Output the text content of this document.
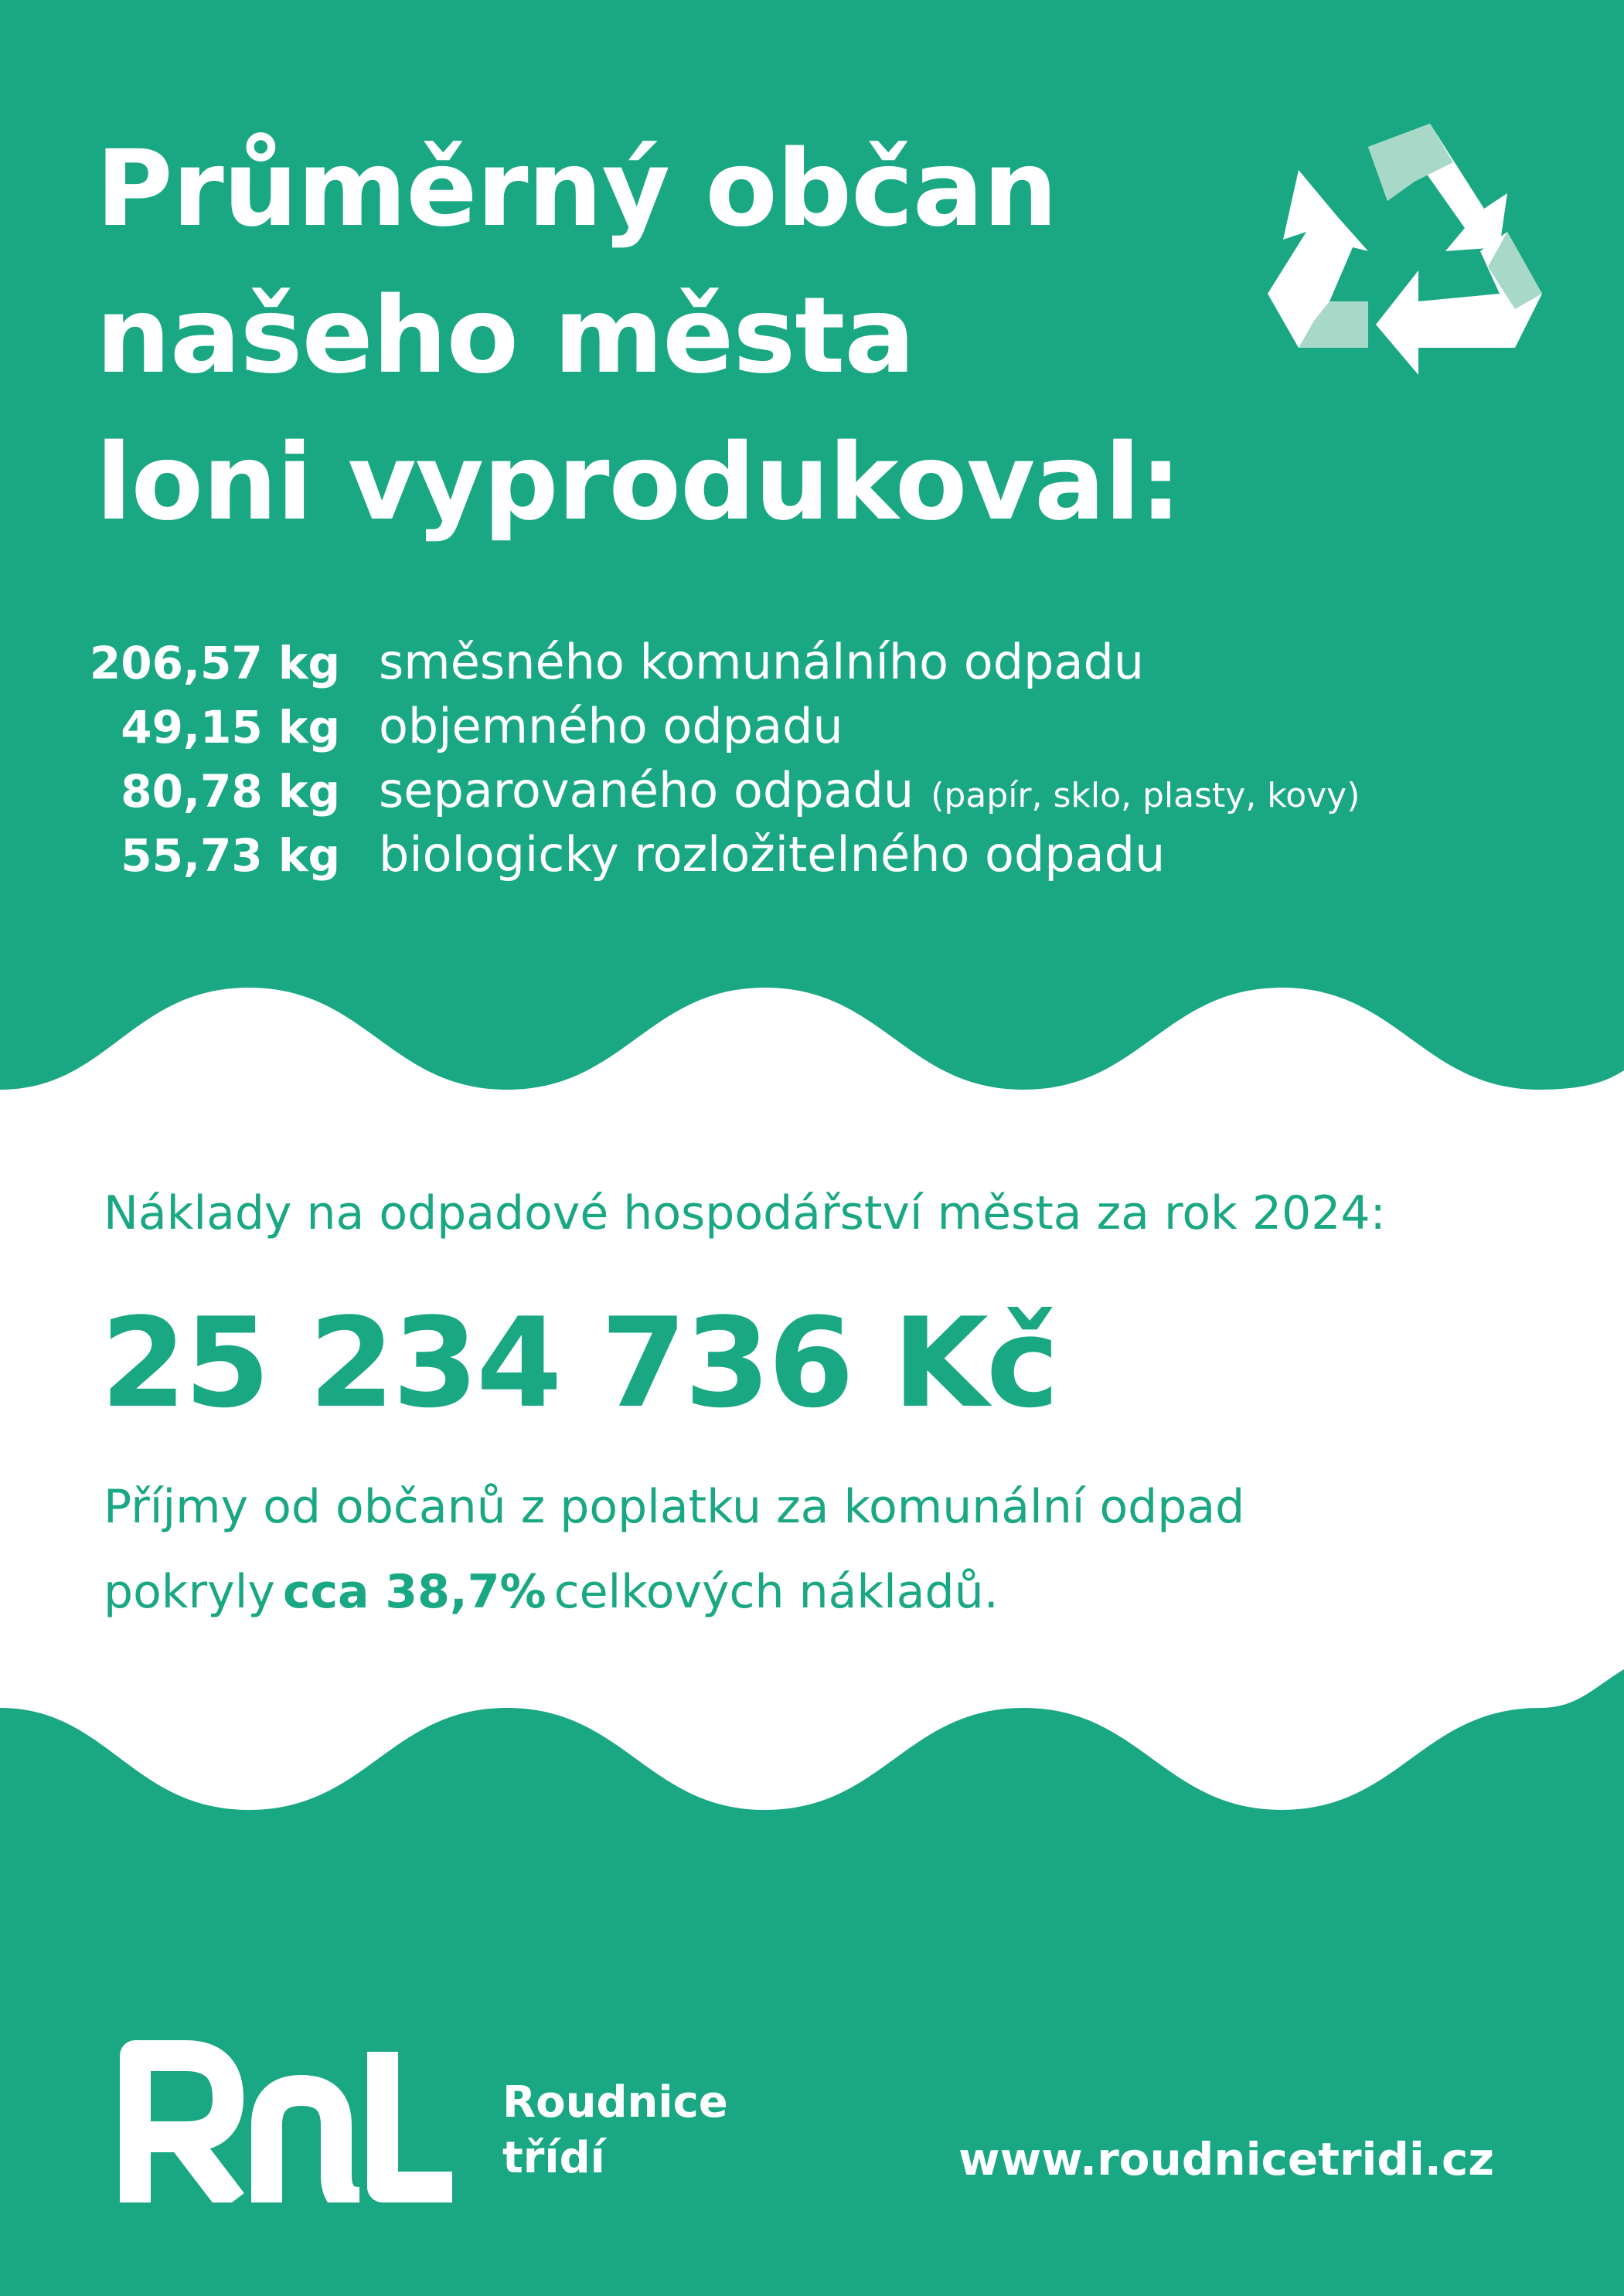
Průměrný občan
našeho města
loni vyprodukoval:
206,57 kg směsného komunálního odpadu
49,15 kg objemného odpadu
80,78 kg separovaného odpadu (papír, sklo, plasty, kovy)
55,73 kg biologicky rozložitelného odpadu

Náklady na odpadové hospodářství města za rok 2024:

25 234 736 Kč

Příjmy od občanů z poplatku za komunální odpad
pokryly cca 38,7% celkových nákladů.

Roudnice
třídí	www.roudnicetridi.cz
